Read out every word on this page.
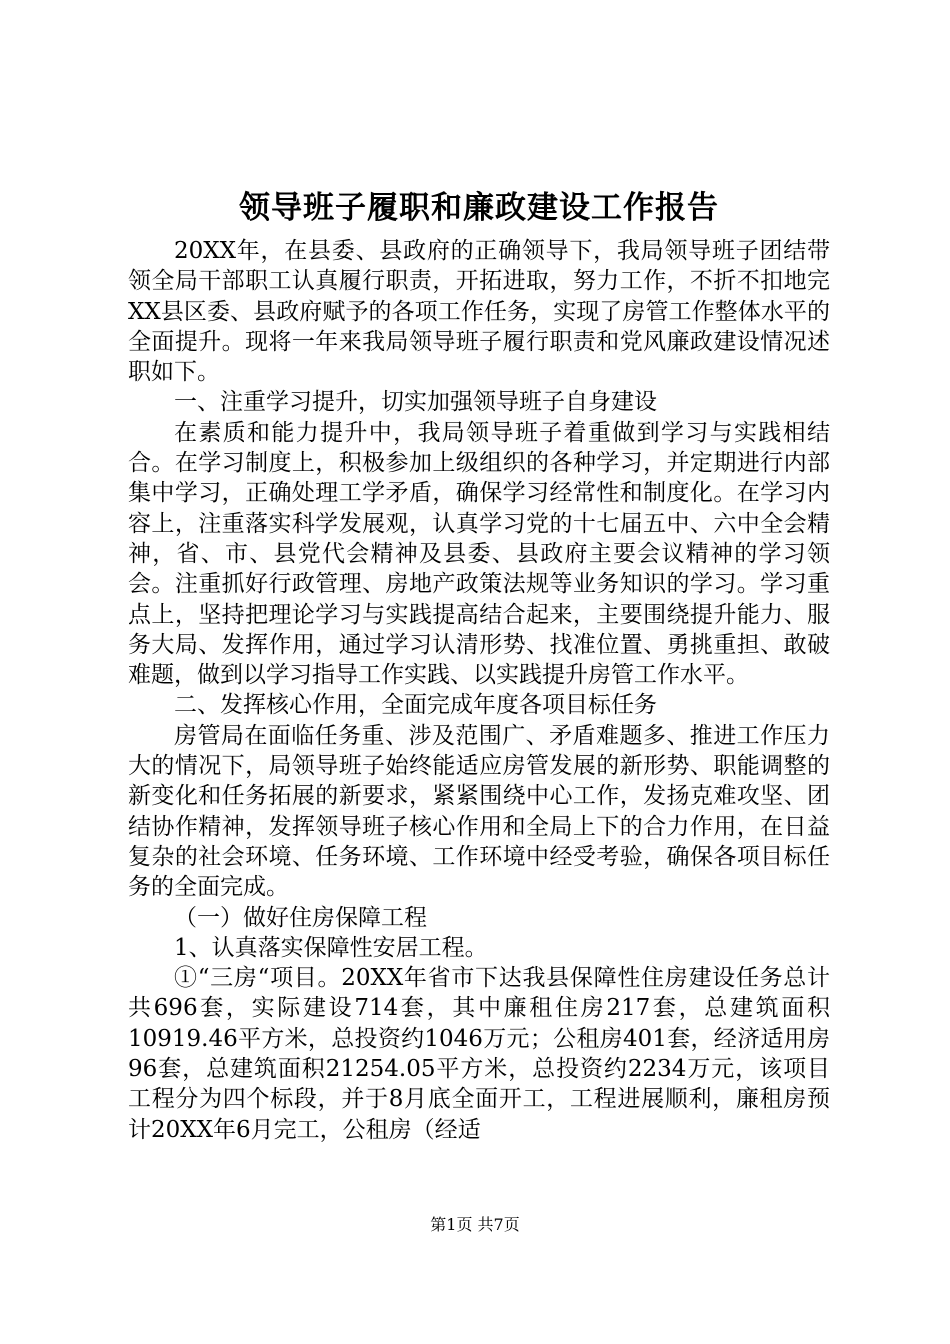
领导班子履职和廉政建设工作报告

20XX年，在县委、县政府的正确领导下，我局领导班子团结带领全局干部职工认真履行职责，开拓进取，努力工作，不折不扣地完XX县区委、县政府赋予的各项工作任务，实现了房管工作整体水平的全面提升。现将一年来我局领导班子履行职责和党风廉政建设情况述职如下。

一、注重学习提升，切实加强领导班子自身建设

在素质和能力提升中，我局领导班子着重做到学习与实践相结合。在学习制度上，积极参加上级组织的各种学习，并定期进行内部集中学习，正确处理工学矛盾，确保学习经常性和制度化。在学习内容上，注重落实科学发展观，认真学习党的十七届五中、六中全会精神，省、市、县党代会精神及县委、县政府主要会议精神的学习领会。注重抓好行政管理、房地产政策法规等业务知识的学习。学习重点上，坚持把理论学习与实践提高结合起来，主要围绕提升能力、服务大局、发挥作用，通过学习认清形势、找准位置、勇挑重担、敢破难题，做到以学习指导工作实践、以实践提升房管工作水平。

二、发挥核心作用，全面完成年度各项目标任务

房管局在面临任务重、涉及范围广、矛盾难题多、推进工作压力大的情况下，局领导班子始终能适应房管发展的新形势、职能调整的新变化和任务拓展的新要求，紧紧围绕中心工作，发扬克难攻坚、团结协作精神，发挥领导班子核心作用和全局上下的合力作用，在日益复杂的社会环境、任务环境、工作环境中经受考验，确保各项目标任务的全面完成。

（一）做好住房保障工程

1、认真落实保障性安居工程。

①“三房“项目。20XX年省市下达我县保障性住房建设任务总计共696套，实际建设714套，其中廉租住房217套，总建筑面积10919.46平方米，总投资约1046万元；公租房401套，经济适用房96套，总建筑面积21254.05平方米，总投资约2234万元，该项目工程分为四个标段，并于8月底全面开工，工程进展顺利，廉租房预计20XX年6月完工，公租房（经适

第1页 共7页
